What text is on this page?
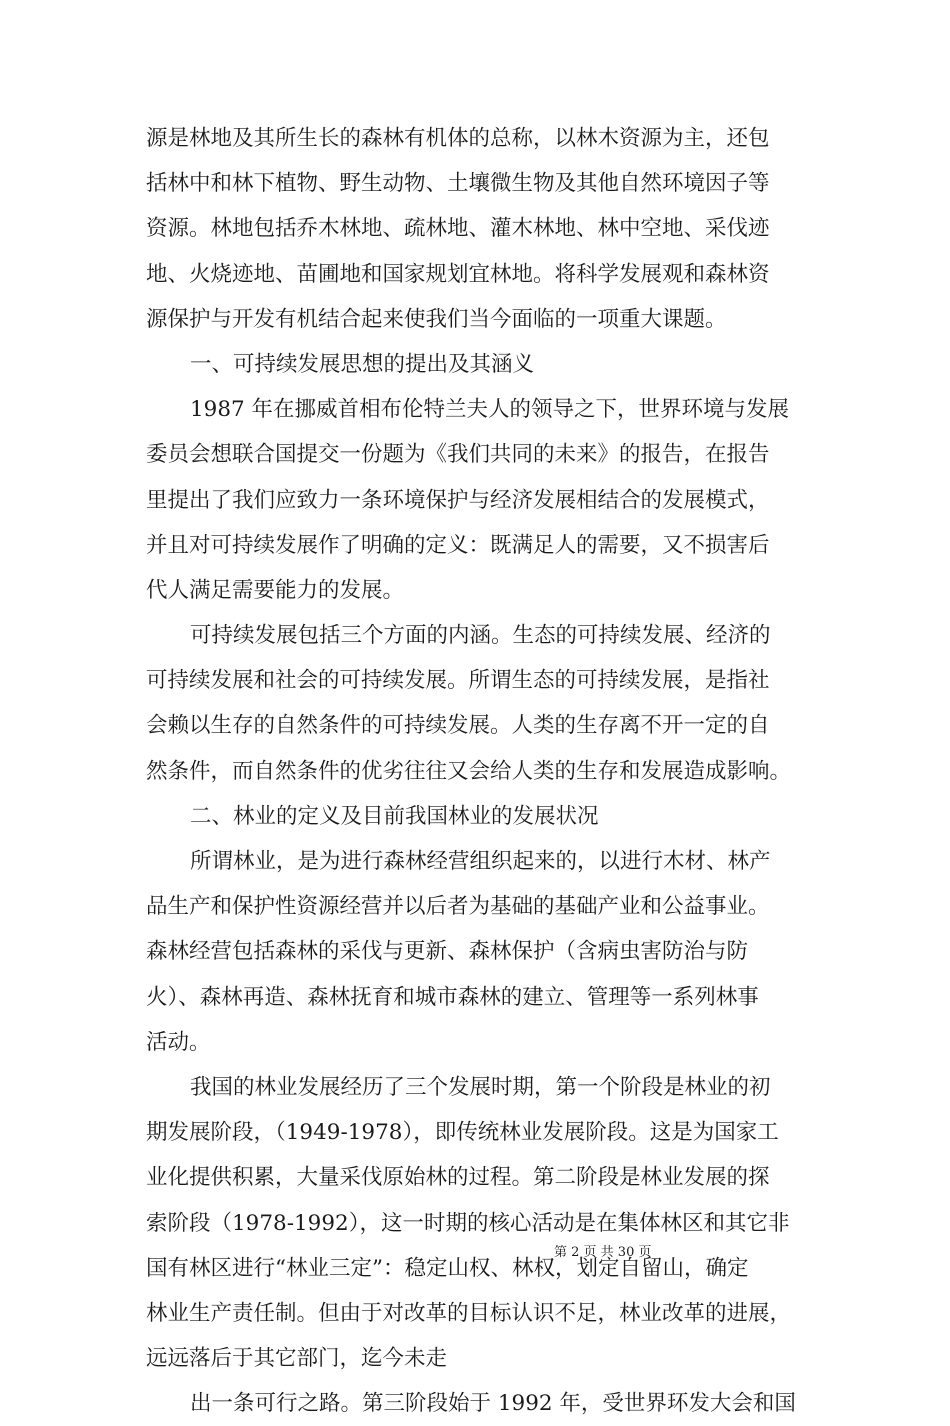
源是林地及其所生长的森林有机体的总称，以林木资源为主，还包
括林中和林下植物、野生动物、土壤微生物及其他自然环境因子等
资源。林地包括乔木林地、疏林地、灌木林地、林中空地、采伐迹
地、火烧迹地、苗圃地和国家规划宜林地。将科学发展观和森林资
源保护与开发有机结合起来使我们当今面临的一项重大课题。
一、可持续发展思想的提出及其涵义
1987 年在挪威首相布伦特兰夫人的领导之下，世界环境与发展
委员会想联合国提交一份题为《我们共同的未来》的报告，在报告
里提出了我们应致力一条环境保护与经济发展相结合的发展模式，
并且对可持续发展作了明确的定义：既满足人的需要，又不损害后
代人满足需要能力的发展。
可持续发展包括三个方面的内涵。生态的可持续发展、经济的
可持续发展和社会的可持续发展。所谓生态的可持续发展，是指社
会赖以生存的自然条件的可持续发展。人类的生存离不开一定的自
然条件，而自然条件的优劣往往又会给人类的生存和发展造成影响。
二、林业的定义及目前我国林业的发展状况
所谓林业，是为进行森林经营组织起来的，以进行木材、林产
品生产和保护性资源经营并以后者为基础的基础产业和公益事业。
森林经营包括森林的采伐与更新、森林保护（含病虫害防治与防
火）、森林再造、森林抚育和城市森林的建立、管理等一系列林事
活动。
我国的林业发展经历了三个发展时期，第一个阶段是林业的初
期发展阶段，（1949-1978），即传统林业发展阶段。这是为国家工
业化提供积累，大量采伐原始林的过程。第二阶段是林业发展的探
索阶段（1978-1992），这一时期的核心活动是在集体林区和其它非
国有林区进行“林业三定”：稳定山权、林权，划定自留山，确定
林业生产责任制。但由于对改革的目标认识不足，林业改革的进展，
远远落后于其它部门，迄今未走
出一条可行之路。第三阶段始于 1992 年，受世界环发大会和国
第 2 页 共 30 页
